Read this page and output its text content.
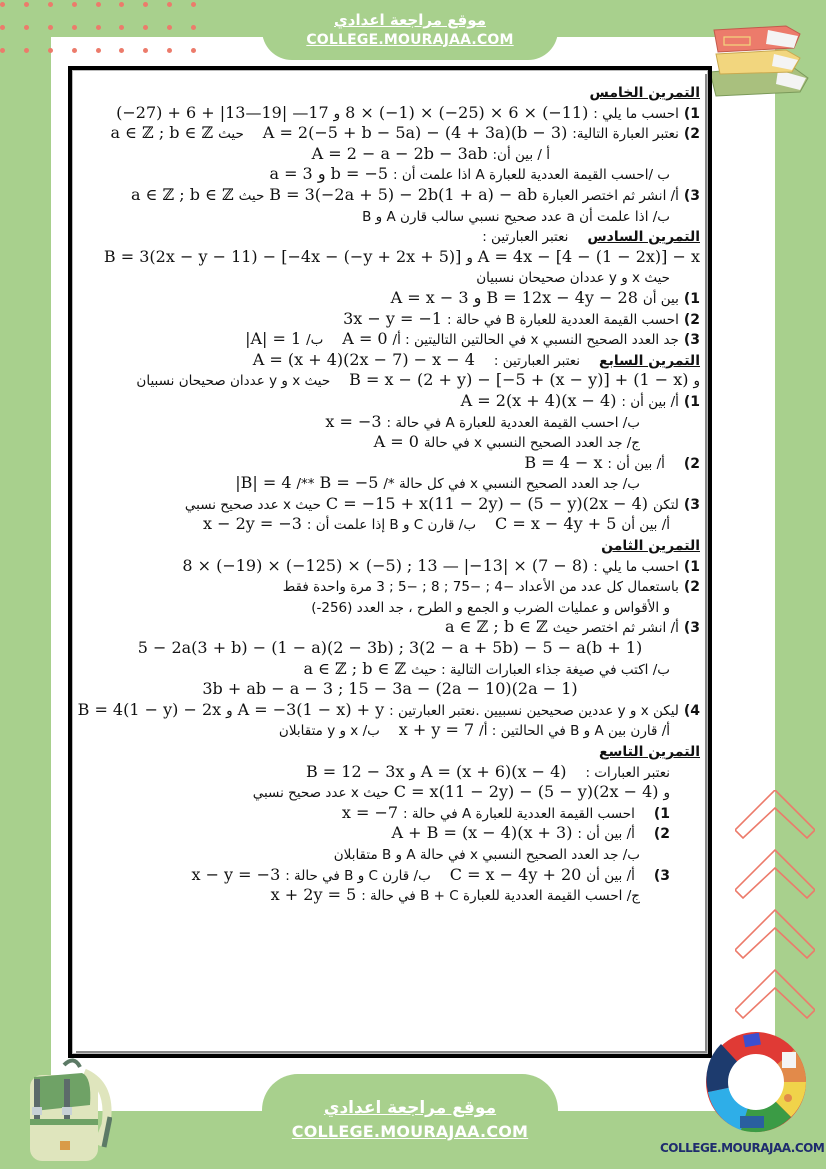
موقع مراجعة اعدادي
COLLEGE.MOURAJAA.COM
التمرين الخامس
1) احسب ما يلي : 8 × (−1) × (−25) × 6 × (−11) و (−27) + 6 + |13—19| —17
2) نعتبر العبارة التالية: A = 2(−5 + b − 5a) − (4 + 3a)(b − 3) حيث a ∈ ℤ ; b ∈ ℤ
أ / بين أن: A = 2 − a − 2b − 3ab
ب /احسب القيمة العددية للعبارة A اذا علمت أن : a = 3 و b = −5
3) أ/ انشر ثم اختصر العبارة B = 3(−2a + 5) − 2b(1 + a) − ab حيث a ∈ ℤ ; b ∈ ℤ
ب/ اذا علمت أن a عدد صحيح نسبي سالب قارن A و B
التمرين السادس نعتبر العبارتين :
A = 4x − [4 − (1 − 2x)] − x و B = 3(2x − y − 11) − [−4x − (−y + 2x + 5)]
حيث x و y عددان صحيحان نسبيان
1) بين أن A = x − 3 و B = 12x − 4y − 28
2) احسب القيمة العددية للعبارة B في حالة : 3x − y = −1
3) جد العدد الصحيح النسبي x في الحالتين التاليتين : أ/ A = 0 ب/ |A| = 1
التمرين السابع نعتبر العبارتين : A = (x + 4)(2x − 7) − x − 4
و B = x − (2 + y) − [−5 + (x − y)] + (1 − x) حيث x و y عددان صحيحان نسبيان
1) أ/ بين أن : A = 2(x + 4)(x − 4)
ب/ احسب القيمة العددية للعبارة A في حالة : x = −3
ج/ جد العدد الصحيح النسبي x في حالة A = 0
2) أ/ بين أن : B = 4 − x
ب/ جد العدد الصحيح النسبي x في كل حالة */ B = −5 **/ |B| = 4
3) لتكن C = −15 + x(11 − 2y) − (5 − y)(2x − 4) حيث x عدد صحيح نسبي
أ/ بين أن C = x − 4y + 5 ب/ قارن C و B إذا علمت أن : x − 2y = −3
التمرين الثامن
1) احسب ما يلي : 13 — |−13| × (7 − 8) ; 8 × (−19) × (−125) × (−5)
2) باستعمال كل عدد من الأعداد −4 ; −75 ; 8 ; −5 ; 3 مرة واحدة فقط
و الأقواس و عمليات الضرب و الجمع و الطرح ، جد العدد (256-)
3) أ/ انشر ثم اختصر حيث a ∈ ℤ ; b ∈ ℤ
3(2 − a + 5b) − 5 − a(b + 1) ; 5 − 2a(3 + b) − (1 − a)(2 − 3b)
ب/ اكتب في صيغة جذاء العبارات التالية : حيث a ∈ ℤ ; b ∈ ℤ
15 − 3a − (2a − 10)(2a − 1) ; 3b + ab − a − 3
4) ليكن x و y عددين صحيحين نسبيين .نعتبر العبارتين : A = −3(1 − x) + y و B = 4(1 − y) − 2x
أ/ قارن بين A و B في الحالتين : أ/ x + y = 7 ب/ x و y متقابلان
التمرين التاسع
نعتبر العبارات : A = (x + 6)(x − 4) و B = 12 − 3x
و C = x(11 − 2y) − (5 − y)(2x − 4) حيث x عدد صحيح نسبي
1) احسب القيمة العددية للعبارة A في حالة : x = −7
2) أ/ بين أن : A + B = (x − 4)(x + 3)
ب/ جد العدد الصحيح النسبي x في حالة A و B متقابلان
3) أ/ بين أن C = x − 4y + 20 ب/ قارن C و B في حالة : x − y = −3
ج/ احسب القيمة العددية للعبارة B + C في حالة : x + 2y = 5
موقع مراجعة اعدادي
COLLEGE.MOURAJAA.COM
COLLEGE.MOURAJAA.COM
